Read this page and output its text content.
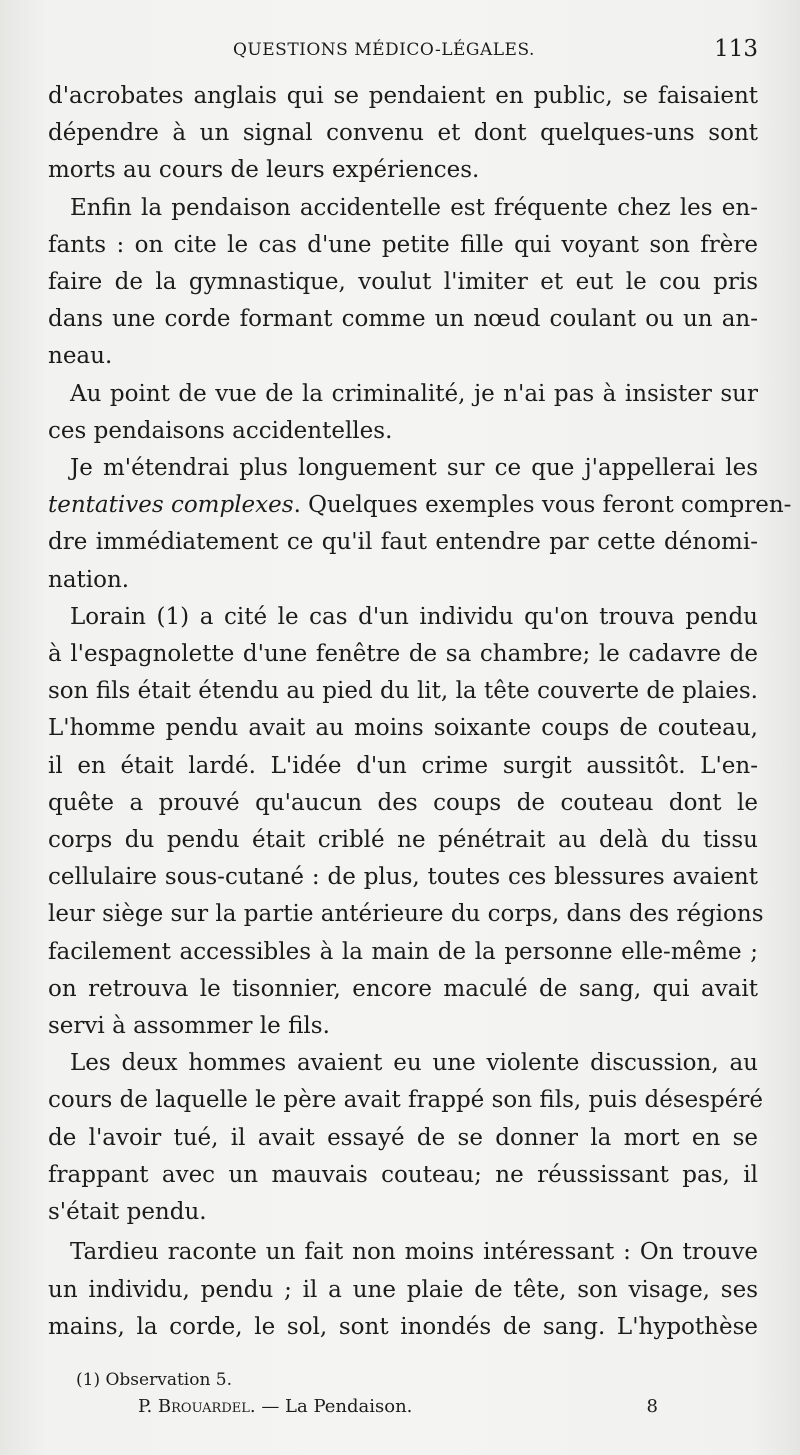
QUESTIONS MÉDICO-LÉGALES.	113

d'acrobates anglais qui se pendaient en public, se faisaient
dépendre à un signal convenu et dont quelques-uns sont
morts au cours de leurs expériences.

Enfin la pendaison accidentelle est fréquente chez les en-
fants : on cite le cas d'une petite fille qui voyant son frère
faire de la gymnastique, voulut l'imiter et eut le cou pris
dans une corde formant comme un nœud coulant ou un an-
neau.

Au point de vue de la criminalité, je n'ai pas à insister sur
ces pendaisons accidentelles.

Je m'étendrai plus longuement sur ce que j'appellerai les
tentatives complexes. Quelques exemples vous feront compren-
dre immédiatement ce qu'il faut entendre par cette dénomi-
nation.

Lorain (1) a cité le cas d'un individu qu'on trouva pendu
à l'espagnolette d'une fenêtre de sa chambre; le cadavre de
son fils était étendu au pied du lit, la tête couverte de plaies.
L'homme pendu avait au moins soixante coups de couteau,
il en était lardé. L'idée d'un crime surgit aussitôt. L'en-
quête a prouvé qu'aucun des coups de couteau dont le
corps du pendu était criblé ne pénétrait au delà du tissu
cellulaire sous-cutané : de plus, toutes ces blessures avaient
leur siège sur la partie antérieure du corps, dans des régions
facilement accessibles à la main de la personne elle-même ;
on retrouva le tisonnier, encore maculé de sang, qui avait
servi à assommer le fils.

Les deux hommes avaient eu une violente discussion, au
cours de laquelle le père avait frappé son fils, puis désespéré
de l'avoir tué, il avait essayé de se donner la mort en se
frappant avec un mauvais couteau; ne réussissant pas, il
s'était pendu.

Tardieu raconte un fait non moins intéressant : On trouve
un individu, pendu ; il a une plaie de tête, son visage, ses
mains, la corde, le sol, sont inondés de sang. L'hypothèse

(1) Observation 5.
P. Brouardel. — La Pendaison.	8
